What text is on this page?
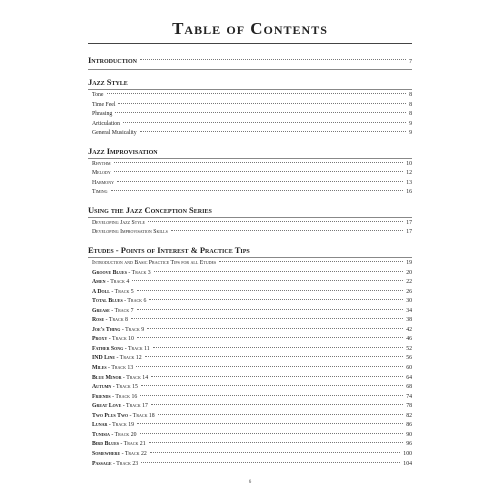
Table of Contents
Introduction	7
Jazz Style
Tone	8
Time Feel	8
Phrasing	8
Articulation	9
General Musicality	9
Jazz Improvisation
Rhythm	10
Melody	12
Harmony	13
Timing	16
Using the Jazz Conception Series
Developing Jazz Style	17
Developing Improvisation Skills	17
Etudes - Points of Interest & Practice Tips
Introduction and Basic Practice Tips for all Etudes	19
Groove Blues - Track 3	20
Amen - Track 4	22
A Doll - Track 5	26
Total Blues - Track 6	30
Grease - Track 7	34
Rose - Track 8	38
Joe's Thing - Track 9	42
Proxy - Track 10	46
Father Song - Track 11	52
IND Line - Track 12	56
Miles - Track 13	60
Blue Minor - Track 14	64
Autumn - Track 15	68
Friends - Track 16	74
Great Love - Track 17	78
Two Plus Two - Track 18	82
Lunar - Track 19	86
Tunisia - Track 20	90
Bird Blues - Track 21	96
Somewhere - Track 22	100
Passage - Track 23	104
6
